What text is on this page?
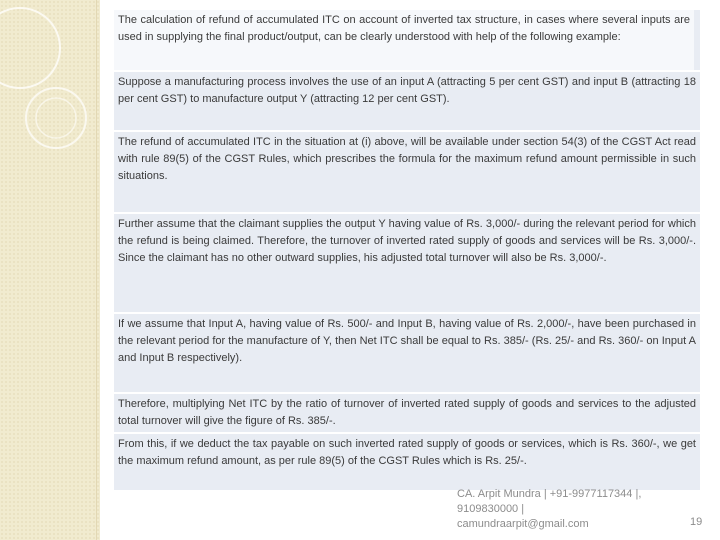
The calculation of refund of accumulated ITC on account of inverted tax structure, in cases where several inputs are used in supplying the final product/output, can be clearly understood with help of the following example:
Suppose a manufacturing process involves the use of an input A (attracting 5 per cent GST) and input B (attracting 18 per cent GST) to manufacture output Y (attracting 12 per cent GST).
The refund of accumulated ITC in the situation at (i) above, will be available under section 54(3) of the CGST Act read with rule 89(5) of the CGST Rules, which prescribes the formula for the maximum refund amount permissible in such situations.
Further assume that the claimant supplies the output Y having value of Rs. 3,000/- during the relevant period for which the refund is being claimed. Therefore, the turnover of inverted rated supply of goods and services will be Rs. 3,000/-. Since the claimant has no other outward supplies, his adjusted total turnover will also be Rs. 3,000/-.
If we assume that Input A, having value of Rs. 500/- and Input B, having value of Rs. 2,000/-, have been purchased in the relevant period for the manufacture of Y, then Net ITC shall be equal to Rs. 385/- (Rs. 25/- and Rs. 360/- on Input A and Input B respectively).
Therefore, multiplying Net ITC by the ratio of turnover of inverted rated supply of goods and services to the adjusted total turnover will give the figure of Rs. 385/-.
From this, if we deduct the tax payable on such inverted rated supply of goods or services, which is Rs. 360/-, we get the maximum refund amount, as per rule 89(5) of the CGST Rules which is Rs. 25/-.
CA. Arpit Mundra | +91-9977117344 |,
9109830000 |
camundraarpit@gmail.com	19
